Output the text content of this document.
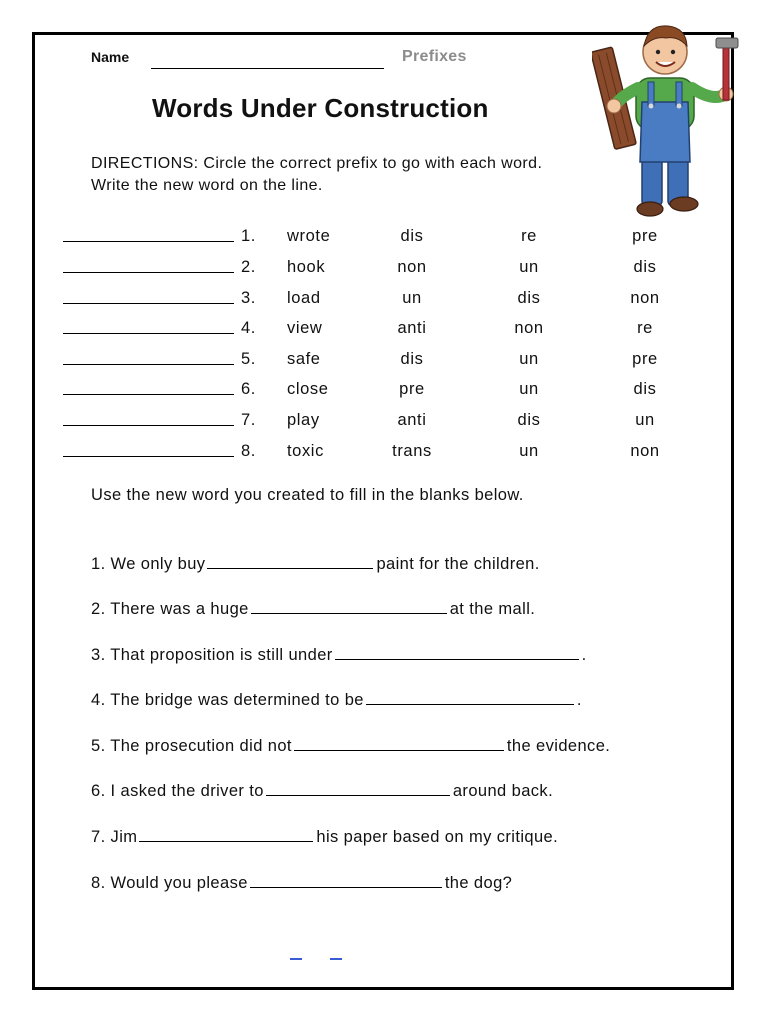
Name	Prefixes
Words Under Construction
DIRECTIONS: Circle the correct prefix to go with each word.
Write the new word on the line.
1. wrote	dis	re	pre
2. hook	non	un	dis
3. load	un	dis	non
4. view	anti	non	re
5. safe	dis	un	pre
6. close	pre	un	dis
7. play	anti	dis	un
8. toxic	trans	un	non
Use the new word you created to fill in the blanks below.
1. We only buy	paint for the children.
2. There was a huge	at the mall.
3. That proposition is still under	.
4. The bridge was determined to be	.
5. The prosecution did not	the evidence.
6. I asked the driver to	around back.
7. Jim	his paper based on my critique.
8. Would you please	the dog?
